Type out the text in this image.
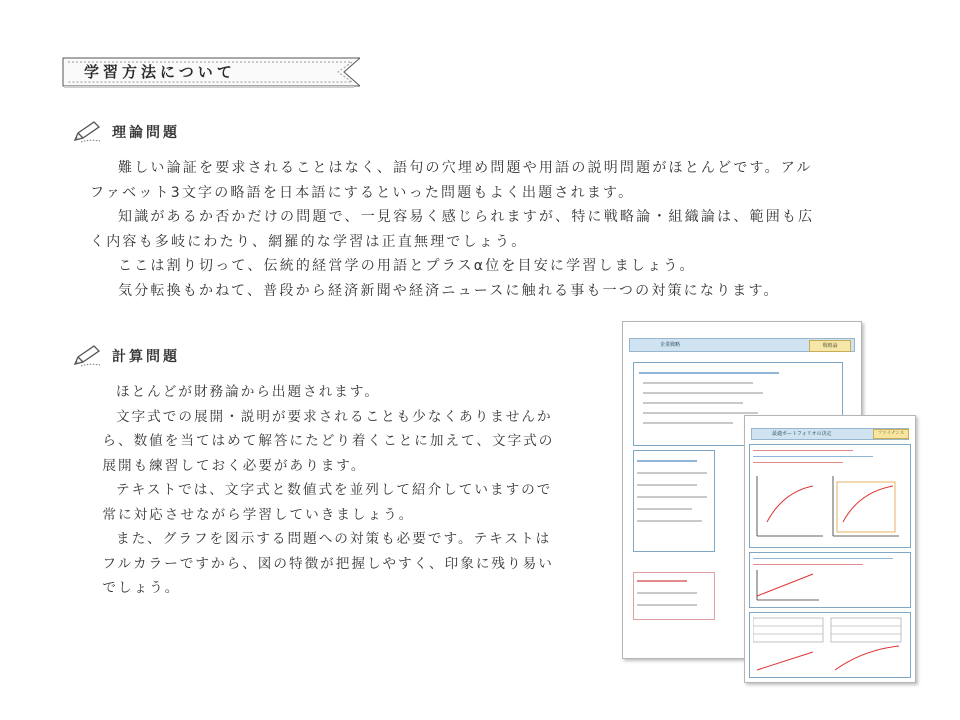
学習方法について
理論問題

難しい論証を要求されることはなく、語句の穴埋め問題や用語の説明問題がほとんどです。アル

ファベット3文字の略語を日本語にするといった問題もよく出題されます。

知識があるか否かだけの問題で、一見容易く感じられますが、特に戦略論・組織論は、範囲も広

く内容も多岐にわたり、網羅的な学習は正直無理でしょう。

ここは割り切って、伝統的経営学の用語とプラスα位を目安に学習しましょう。

気分転換もかねて、普段から経済新聞や経済ニュースに触れる事も一つの対策になります。

計算問題

ほとんどが財務論から出題されます。

文字式での展開・説明が要求されることも少なくありませんか

ら、数値を当てはめて解答にたどり着くことに加えて、文字式の

展開も練習しておく必要があります。

テキストでは、文字式と数値式を並列して紹介していますので

常に対応させながら学習していきましょう。

また、グラフを図示する問題への対策も必要です。テキストは

フルカラーですから、図の特徴が把握しやすく、印象に残り易い

でしょう。

企業戦略	戦略論
最適ポートフォリオの決定	ファイナンス
